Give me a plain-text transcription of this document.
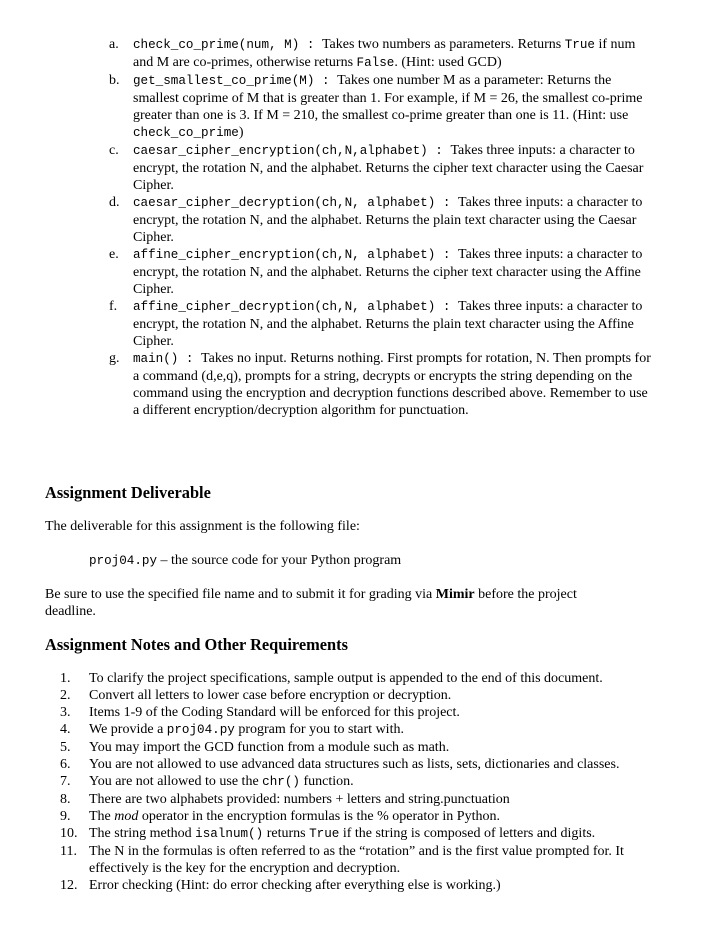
a.	check_co_prime(num, M) : Takes two numbers as parameters. Returns True if num and M are co-primes, otherwise returns False. (Hint: used GCD)
b.	get_smallest_co_prime(M) : Takes one number M as a parameter: Returns the smallest coprime of M that is greater than 1. For example, if M = 26, the smallest co-prime greater than one is 3. If M = 210, the smallest co-prime greater than one is 11. (Hint: use check_co_prime)
c.	caesar_cipher_encryption(ch,N,alphabet) : Takes three inputs: a character to encrypt, the rotation N, and the alphabet. Returns the cipher text character using the Caesar Cipher.
d.	caesar_cipher_decryption(ch,N, alphabet) : Takes three inputs: a character to encrypt, the rotation N, and the alphabet. Returns the plain text character using the Caesar Cipher.
e.	affine_cipher_encryption(ch,N, alphabet) : Takes three inputs: a character to encrypt, the rotation N, and the alphabet. Returns the cipher text character using the Affine Cipher.
f.	affine_cipher_decryption(ch,N, alphabet) : Takes three inputs: a character to encrypt, the rotation N, and the alphabet. Returns the plain text character using the Affine Cipher.
g.	main() : Takes no input. Returns nothing. First prompts for rotation, N. Then prompts for a command (d,e,q), prompts for a string, decrypts or encrypts the string depending on the command using the encryption and decryption functions described above. Remember to use a different encryption/decryption algorithm for punctuation.
Assignment Deliverable

The deliverable for this assignment is the following file:

proj04.py – the source code for your Python program

Be sure to use the specified file name and to submit it for grading via Mimir before the project deadline.

Assignment Notes and Other Requirements
1.	To clarify the project specifications, sample output is appended to the end of this document.
2.	Convert all letters to lower case before encryption or decryption.
3.	Items 1-9 of the Coding Standard will be enforced for this project.
4.	We provide a proj04.py program for you to start with.
5.	You may import the GCD function from a module such as math.
6.	You are not allowed to use advanced data structures such as lists, sets, dictionaries and classes.
7.	You are not allowed to use the chr() function.
8.	There are two alphabets provided: numbers + letters and string.punctuation
9.	The mod operator in the encryption formulas is the % operator in Python.
10. The string method isalnum() returns True if the string is composed of letters and digits.
11. The N in the formulas is often referred to as the “rotation” and is the first value prompted for. It effectively is the key for the encryption and decryption.
12. Error checking (Hint: do error checking after everything else is working.)
